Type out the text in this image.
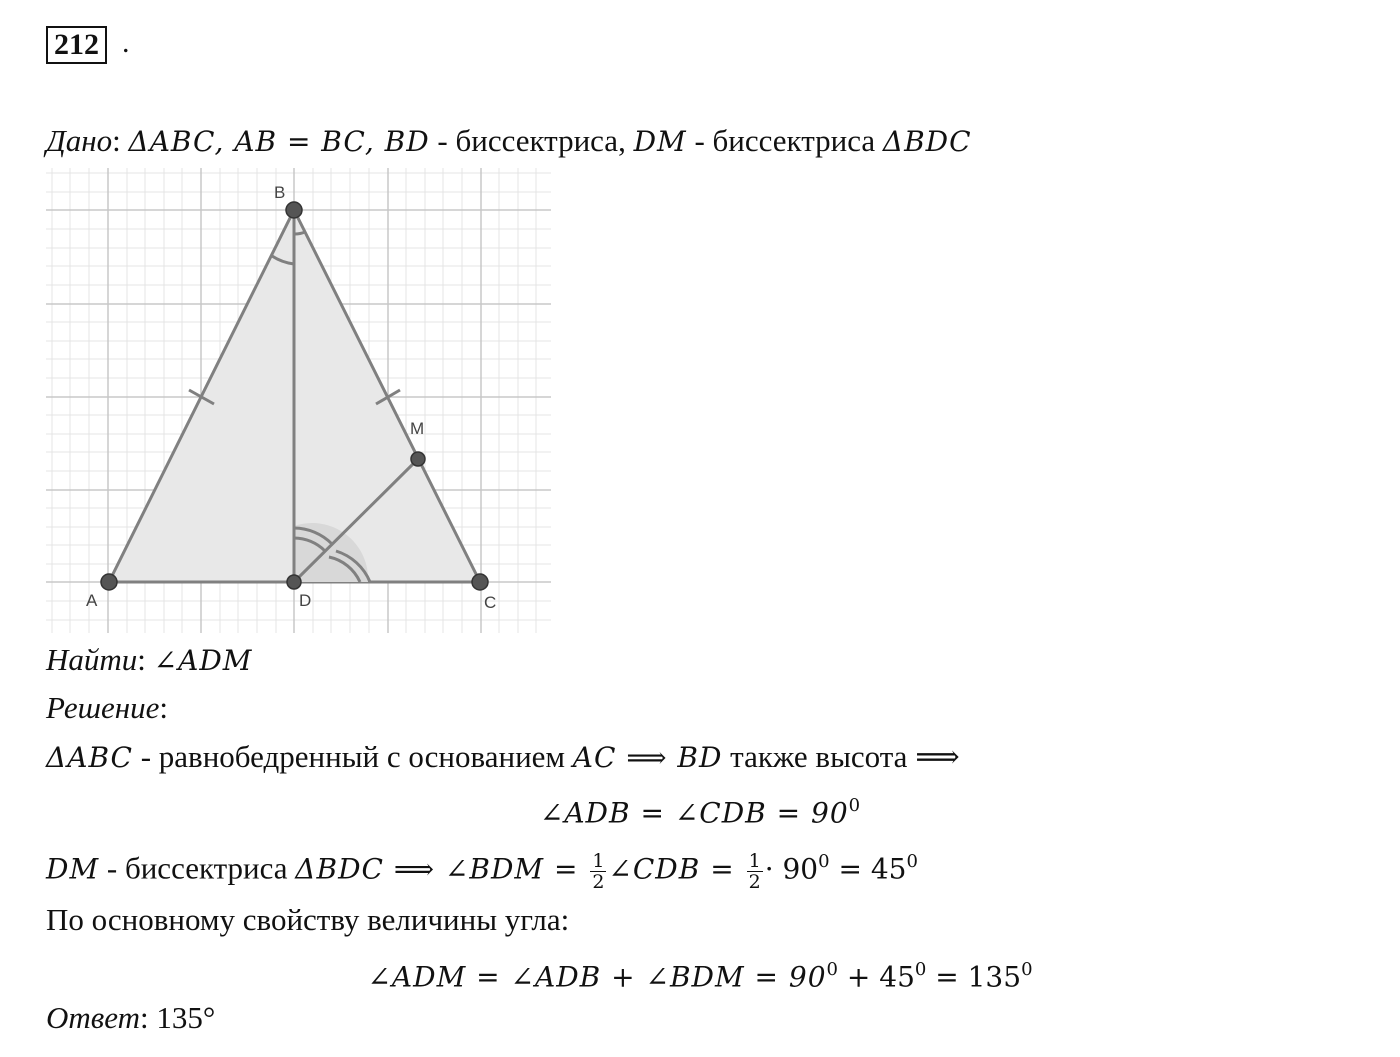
212 .
Дано: ΔABC, AB = BC, BD - биссектриса, DM - биссектриса ΔBDC
A
B
C
D
M
Найти: ∠ADM
Решение:
ΔABC - равнобедренный с основанием AC ⟹ BD также высота ⟹
∠ADB = ∠CDB = $90^0$
DM - биссектриса ΔBDC ⟹ ∠BDM = $\frac{1}{2}$ ∠CDB = $\frac{1}{2} \cdot 90^0 = 45^0$
По основному свойству величины угла:
∠ADM = ∠ADB + ∠BDM = $90^0 + 45^0 = 135^0$
Ответ: 135°
